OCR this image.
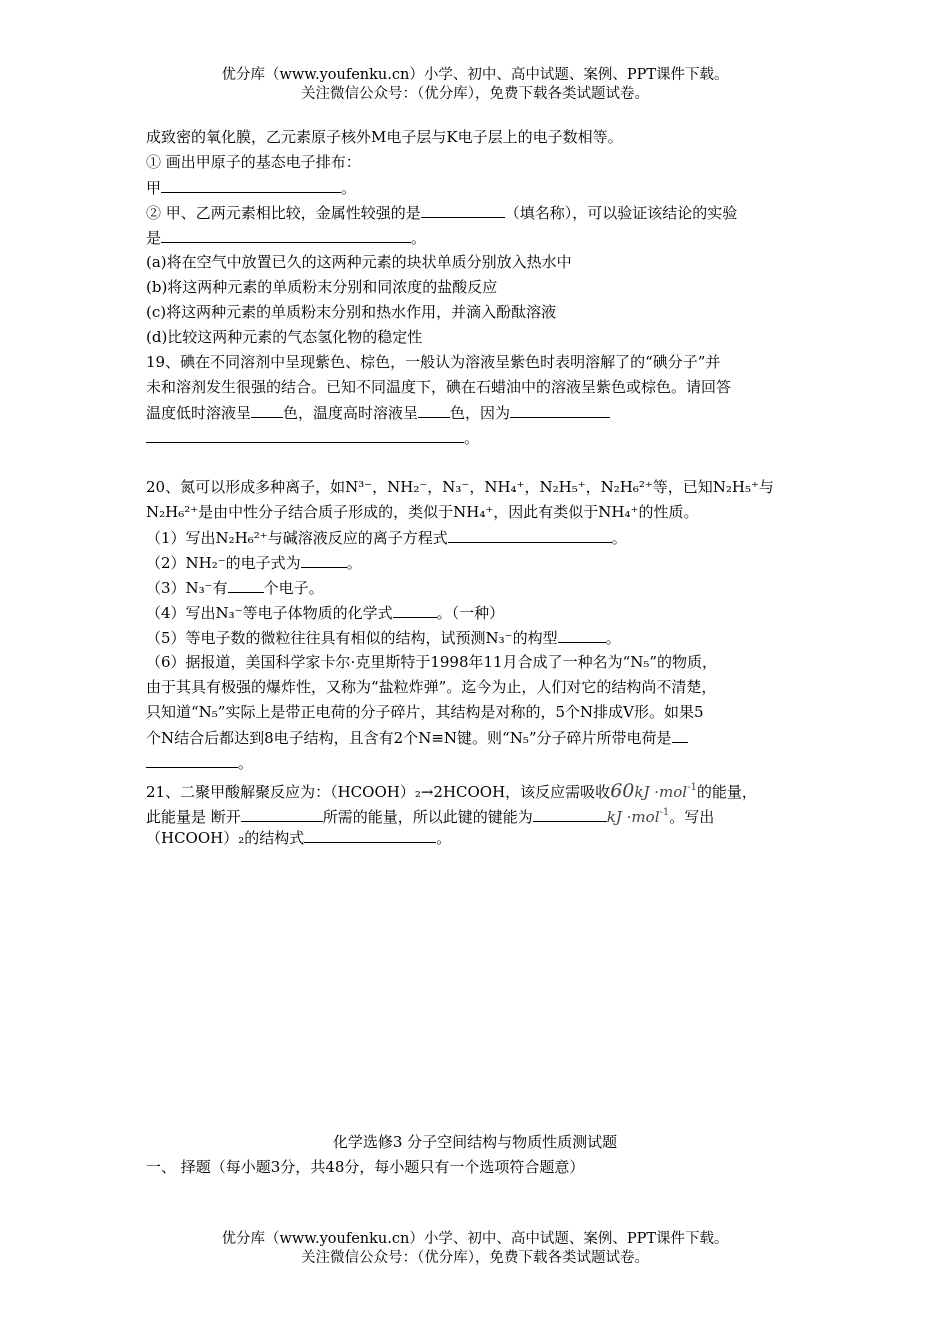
优分库（www.youfenku.cn）小学、初中、高中试题、案例、PPT课件下载。
关注微信公众号：（优分库），免费下载各类试题试卷。
成致密的氧化膜，乙元素原子核外M电子层与K电子层上的电子数相等。
① 画出甲原子的基态电子排布：
甲	。
② 甲、乙两元素相比较，金属性较强的是	（填名称），可以验证该结论的实验
是	。
(a)将在空气中放置已久的这两种元素的块状单质分别放入热水中
(b)将这两种元素的单质粉末分别和同浓度的盐酸反应
(c)将这两种元素的单质粉末分别和热水作用，并滴入酚酞溶液
(d)比较这两种元素的气态氢化物的稳定性
19、碘在不同溶剂中呈现紫色、棕色，一般认为溶液呈紫色时表明溶解了的“碘分子”并
未和溶剂发生很强的结合。已知不同温度下，碘在石蜡油中的溶液呈紫色或棕色。请回答
温度低时溶液呈 色，温度高时溶液呈 色，因为
。
20、氮可以形成多种离子，如N³⁻，NH₂⁻，N₃⁻，NH₄⁺，N₂H₅⁺，N₂H₆²⁺等，已知N₂H₅⁺与
N₂H₆²⁺是由中性分子结合质子形成的，类似于NH₄⁺，因此有类似于NH₄⁺的性质。
（1）写出N₂H₆²⁺与碱溶液反应的离子方程式	。
（2）NH₂⁻的电子式为	。
（3）N₃⁻有 个电子。
（4）写出N₃⁻等电子体物质的化学式	。（一种）
（5）等电子数的微粒往往具有相似的结构，试预测N₃⁻的构型	。
（6）据报道，美国科学家卡尔·克里斯特于1998年11月合成了一种名为“N₅”的物质，
由于其具有极强的爆炸性，又称为“盐粒炸弹”。迄今为止，人们对它的结构尚不清楚，
只知道“N₅”实际上是带正电荷的分子碎片，其结构是对称的，5个N排成V形。如果5
个N结合后都达到8电子结构，且含有2个N≡N键。则“N₅”分子碎片所带电荷是
。
21、二聚甲酸解聚反应为：（HCOOH）₂→2HCOOH，该反应需吸收60kJ ·mol$^{-1}$的能量，
此能量是 断开	所需的能量，所以此键的键能为	kJ ·mol$^{-1}$。写出
（HCOOH）₂的结构式	。
化学选修3 分子空间结构与物质性质测试题
一、 择题（每小题3分，共48分，每小题只有一个选项符合题意）
优分库（www.youfenku.cn）小学、初中、高中试题、案例、PPT课件下载。
关注微信公众号：（优分库），免费下载各类试题试卷。
